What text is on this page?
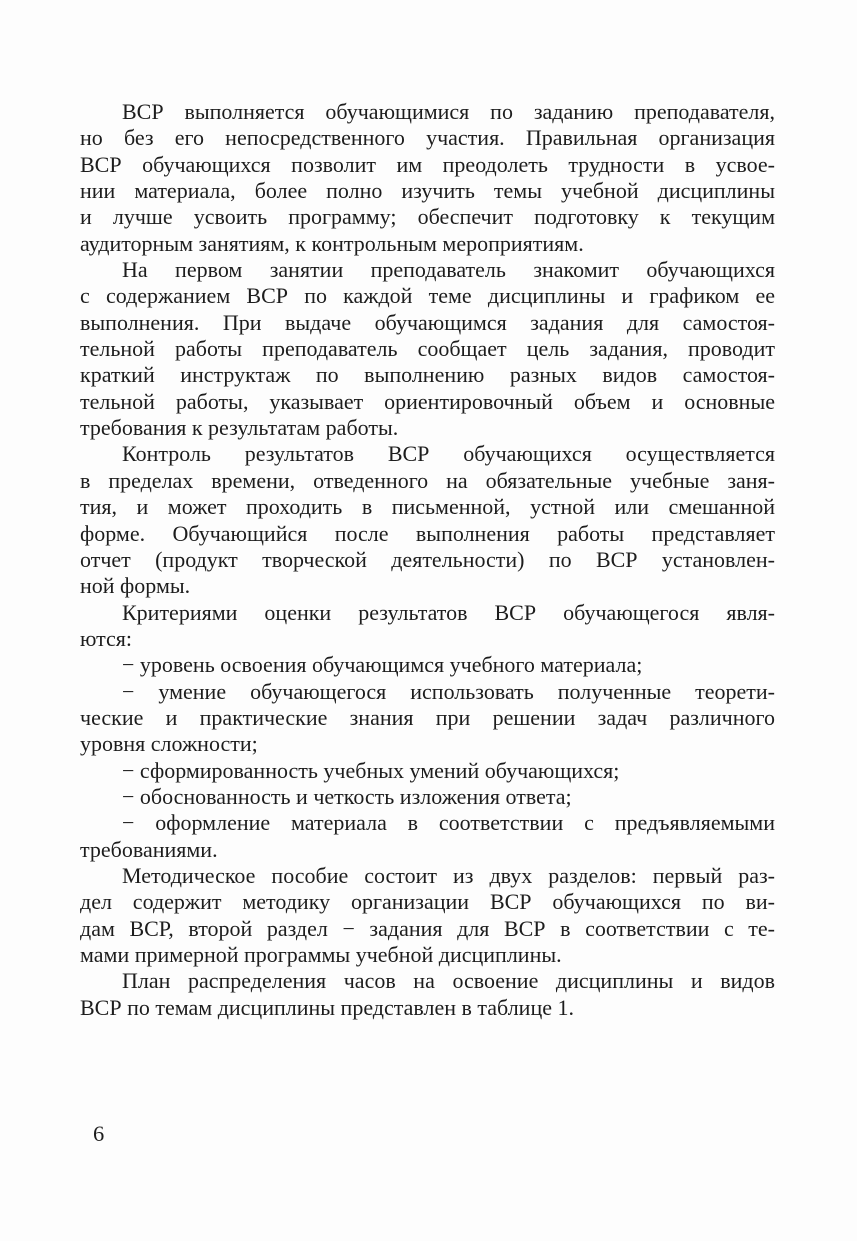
ВСР выполняется обучающимися по заданию преподавателя,
но без его непосредственного участия. Правильная организация
ВСР обучающихся позволит им преодолеть трудности в усвое-
нии материала, более полно изучить темы учебной дисциплины
и лучше усвоить программу; обеспечит подготовку к текущим
аудиторным занятиям, к контрольным мероприятиям.

На первом занятии преподаватель знакомит обучающихся
с содержанием ВСР по каждой теме дисциплины и графиком ее
выполнения. При выдаче обучающимся задания для самостоя-
тельной работы преподаватель сообщает цель задания, проводит
краткий инструктаж по выполнению разных видов самостоя-
тельной работы, указывает ориентировочный объем и основные
требования к результатам работы.

Контроль результатов ВСР обучающихся осуществляется
в пределах времени, отведенного на обязательные учебные заня-
тия, и может проходить в письменной, устной или смешанной
форме. Обучающийся после выполнения работы представляет
отчет (продукт творческой деятельности) по ВСР установлен-
ной формы.

Критериями оценки результатов ВСР обучающегося явля-
ются:

− уровень освоения обучающимся учебного материала;

− умение обучающегося использовать полученные теорети-
ческие и практические знания при решении задач различного
уровня сложности;

− сформированность учебных умений обучающихся;

− обоснованность и четкость изложения ответа;

− оформление материала в соответствии с предъявляемыми
требованиями.

Методическое пособие состоит из двух разделов: первый раз-
дел содержит методику организации ВСР обучающихся по ви-
дам ВСР, второй раздел − задания для ВСР в соответствии с те-
мами примерной программы учебной дисциплины.

План распределения часов на освоение дисциплины и видов
ВСР по темам дисциплины представлен в таблице 1.

6
